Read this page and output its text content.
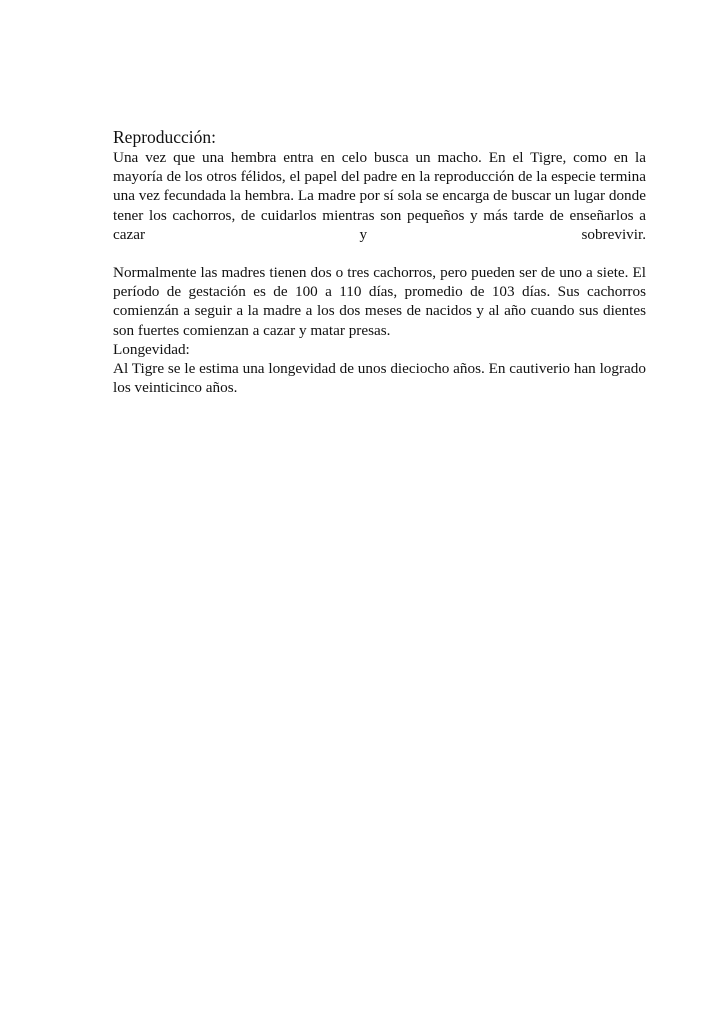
Reproducción:

Una vez que una hembra entra en celo busca un macho. En el Tigre, como en la mayoría de los otros félidos, el papel del padre en la reproducción de la especie termina una vez fecundada la hembra. La madre por sí sola se encarga de buscar un lugar donde tener los cachorros, de cuidarlos mientras son pequeños y más tarde de enseñarlos a cazar y sobrevivir.

Normalmente las madres tienen dos o tres cachorros, pero pueden ser de uno a siete. El período de gestación es de 100 a 110 días, promedio de 103 días. Sus cachorros comienzán a seguir a la madre a los dos meses de nacidos y al año cuando sus dientes son fuertes comienzan a cazar y matar presas.

Longevidad:

Al Tigre se le estima una longevidad de unos dieciocho años. En cautiverio han logrado los veinticinco años.
